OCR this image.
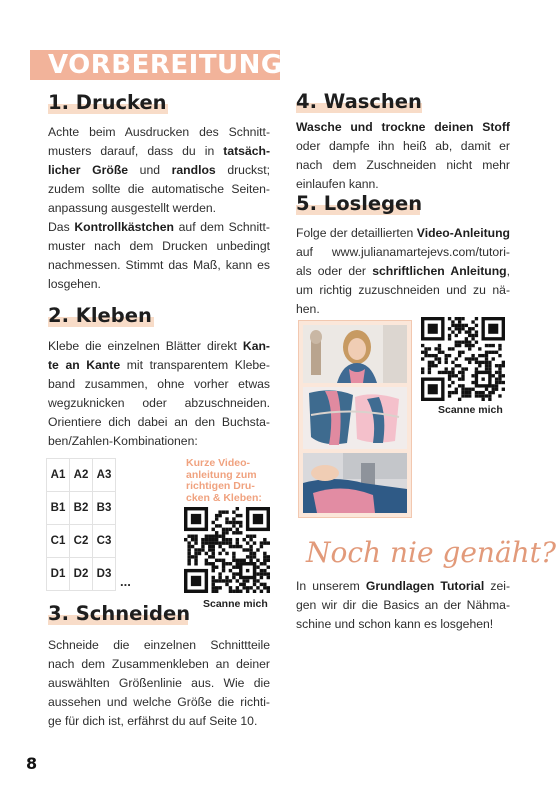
VORBEREITUNG
1. Drucken
Achte beim Ausdrucken des Schnitt-
musters darauf, dass du in tatsäch-
licher Größe und randlos druckst;
zudem sollte die automatische Seiten-
anpassung ausgestellt werden.
Das Kontrollkästchen auf dem Schnitt-
muster nach dem Drucken unbedingt
nachmessen. Stimmt das Maß, kann es
losgehen.
2. Kleben
Klebe die einzelnen Blätter direkt Kan-
te an Kante mit transparentem Klebe-
band zusammen, ohne vorher etwas
wegzuknicken oder abzuschneiden.
Orientiere dich dabei an den Buchsta-
ben/Zahlen-Kombinationen:
A1	A2	A3
B1	B2	B3
C1	C2	C3
D1	D2	D3 ...
Kurze Video-anleitung zum richtigen Dru-cken & Kleben:
Scanne mich
3. Schneiden
Schneide die einzelnen Schnittteile
nach dem Zusammenkleben an deiner
auswählten Größenlinie aus. Wie die
aussehen und welche Größe die richti-
ge für dich ist, erfährst du auf Seite 10.
4. Waschen
Wasche und trockne deinen Stoff
oder dampfe ihn heiß ab, damit er
nach dem Zuschneiden nicht mehr
einlaufen kann.
5. Loslegen
Folge der detaillierten Video-Anleitung
auf www.julianamartejevs.com/tutori-
als oder der schriftlichen Anleitung,
um richtig zuzuschneiden und zu nä-
hen.
Scanne mich
Noch nie genäht?
In unserem Grundlagen Tutorial zei-
gen wir dir die Basics an der Nähma-
schine und schon kann es losgehen!
8
